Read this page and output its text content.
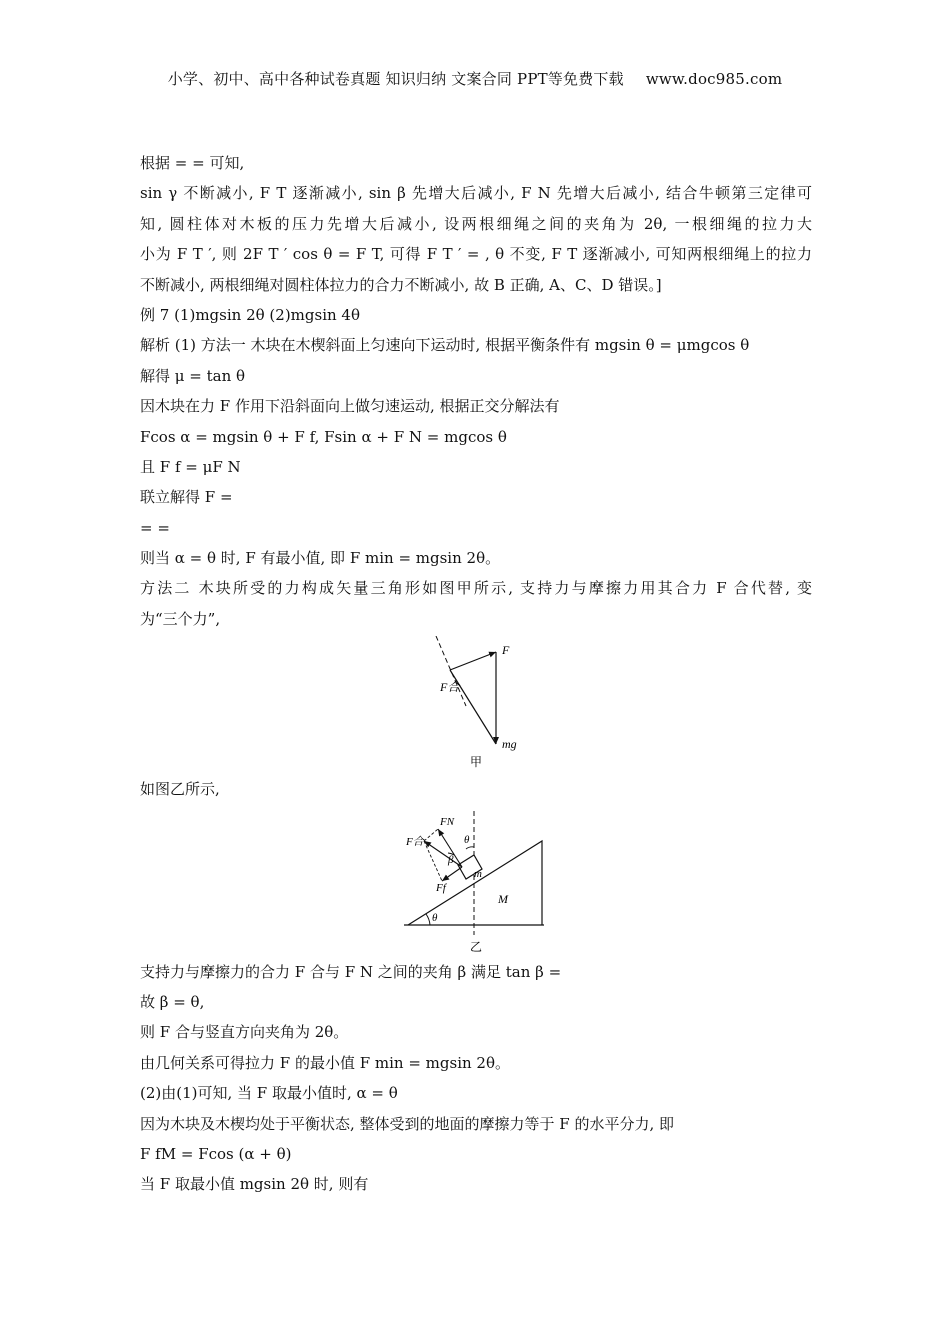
小学、初中、高中各种试卷真题 知识归纳 文案合同 PPT等免费下载 www.doc985.com
根据 = = 可知,
sin γ 不断减小, F T 逐渐减小, sin β 先增大后减小, F N 先增大后减小, 结合牛顿第三定律可
知, 圆柱体对木板的压力先增大后减小, 设两根细绳之间的夹角为 2θ, 一根细绳的拉力大
小为 F T ′, 则 2F T ′ cos θ = F T, 可得 F T ′ = , θ 不变, F T 逐渐减小, 可知两根细绳上的拉力
不断减小, 两根细绳对圆柱体拉力的合力不断减小, 故 B 正确, A、C、D 错误。]
例 7 (1)mgsin 2θ (2)mgsin 4θ
解析 (1) 方法一 木块在木楔斜面上匀速向下运动时, 根据平衡条件有 mgsin θ = μmgcos θ
解得 μ = tan θ
因木块在力 F 作用下沿斜面向上做匀速运动, 根据正交分解法有
Fcos α = mgsin θ + F f, Fsin α + F N = mgcos θ
且 F f = μF N
联立解得 F =
= =
则当 α = θ 时, F 有最小值, 即 F min = mgsin 2θ。
方法二 木块所受的力构成矢量三角形如图甲所示, 支持力与摩擦力用其合力 F 合代替, 变
为“三个力”,
F
F合
mg
甲
如图乙所示,
θ
m
FN
F合
Ff
θ
β
M
乙
支持力与摩擦力的合力 F 合与 F N 之间的夹角 β 满足 tan β =
故 β = θ,
则 F 合与竖直方向夹角为 2θ。
由几何关系可得拉力 F 的最小值 F min = mgsin 2θ。
(2)由(1)可知, 当 F 取最小值时, α = θ
因为木块及木楔均处于平衡状态, 整体受到的地面的摩擦力等于 F 的水平分力, 即
F fM = Fcos (α + θ)
当 F 取最小值 mgsin 2θ 时, 则有
